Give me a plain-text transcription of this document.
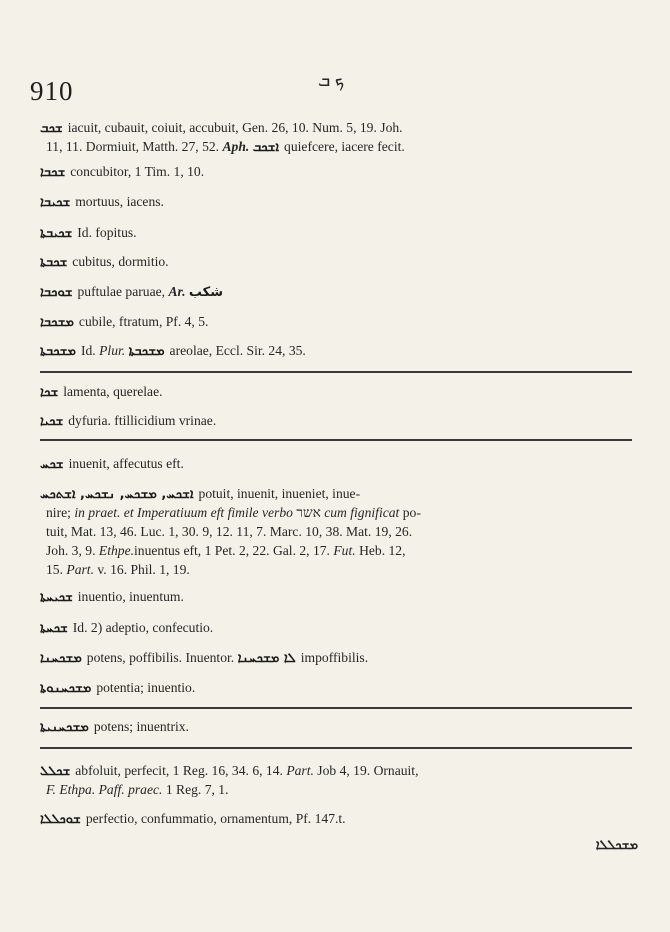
910	ܟ ܒ
ܫܟܒ iacuit, cubauit, coiuit, accubuit, Gen. 26, 10. Num. 5, 19. Joh.
11, 11. Dormiuit, Matth. 27, 52. Aph. ܐܫܟܒ quiefcere, iacere fecit.
ܫܟܒܐ concubitor, 1 Tim. 1, 10.
ܫܟܝܒܐ mortuus, iacens.
ܫܟܝܒܬܐ Id. fopitus.
ܫܟܒܬܐ cubitus, dormitio.
ܫܘܟܒܐ puftulae paruae, Ar. شكب
ܡܫܟܒܐ cubile, ftratum, Pf. 4, 5.
ܡܫܟܒܬܐ Id. Plur. ܡܫܟܒܬܐ areolae, Eccl. Sir. 24, 35.
ܫܟܐ lamenta, querelae.
ܫܟܝܐ dyfuria. ftillicidium vrinae.
ܫܟܚ inuenit, affecutus eft.
ܐܫܟܚ, ܡܫܟܚ, ܢܫܟܚ, ܐܫܬܟܚ potuit, inuenit, inueniet, inue-
nire; in praet. et Imperatiuum eft fimile verbo אשר cum fignificat po-
tuit, Mat. 13, 46. Luc. 1, 30. 9, 12. 11, 7. Marc. 10, 38. Mat. 19, 26.
Joh. 3, 9. Ethpe.inuentus eft, 1 Pet. 2, 22. Gal. 2, 17. Fut. Heb. 12,
15. Part. v. 16. Phil. 1, 19.
ܫܟܝܚܬܐ inuentio, inuentum.
ܫܟܚܬܐ Id. 2) adeptio, confecutio.
ܡܫܟܚܢܐ potens, poffibilis. Inuentor. ܠܐ ܡܫܟܚܢܐ impoffibilis.
ܡܫܟܚܢܘܬܐ potentia; inuentio.
ܡܫܟܚܢܝܬܐ potens; inuentrix.
ܫܟܠܠ abfoluit, perfecit, 1 Reg. 16, 34. 6, 14. Part. Job 4, 19. Ornauit,
F. Ethpa. Paff. praec. 1 Reg. 7, 1.
ܫܘܟܠܠܐ perfectio, confummatio, ornamentum, Pf. 147.t.
ܡܫܟܠܠܐ
